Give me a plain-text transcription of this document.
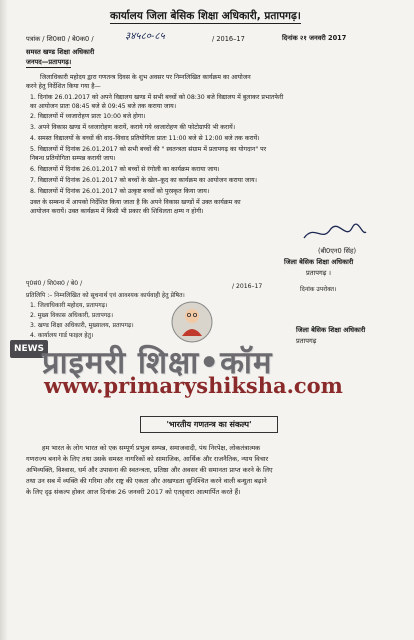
कार्यालय जिला बेसिक शिक्षा अधिकारी, प्रतापगढ़।
पत्रांक / शि0स0 / बे0क0 /	३४५८०-८५	/ 2016–17	दिनांक २१ जनवरी 2017
समस्त खण्ड शिक्षा अधिकारी
जनपद—प्रतापगढ़।
जिलाधिकारी महोदय द्वारा गणतन्त्र दिवस के शुभ अवसर पर निम्नलिखित कार्यक्रम का आयोजन
करने हेतु निर्देशित किया गया है—
1. दिनांक 26.01.2017 को अपने विद्यालय खण्ड में सभी बच्चों को 08:30 बजे विद्यालय में बुलाकर प्रभातफेरी
का आयोजन प्रातः 08:45 बजे से 09:45 बजे तक कराया जाय।
2. विद्यालयों में ध्वजारोहण प्रातः 10:00 बजे होगा।
3. अपने विकास खण्ड में ध्वजारोहण करायें, कराये गये ध्वजारोहण की फोटोग्राफी भी करायें।
4. समस्त विद्यालयों के बच्चों की वाद–विवाद प्रतियोगिता प्रातः 11:00 बजे से 12:00 बजे तक करायें।
5. विद्यालयों में दिनांक 26.01.2017 को सभी बच्चों की " स्वतन्त्रता संग्राम में प्रतापगढ़ का योगदान" पर
निबन्ध प्रतियोगिता सम्पन्न करायी जाय।
6. विद्यालयों में दिनांक 26.01.2017 को बच्चों से रंगोली का कार्यक्रम कराया जाय।
7. विद्यालयों में दिनांक 26.01.2017 को बच्चों के खेल–कूद का कार्यक्रम का आयोजन कराया जाय।
8. विद्यालयों में दिनांक 26.01.2017 को उत्कृष्ट बच्चों को पुरस्कृत किया जाय।
उक्त के सम्बन्ध में आपको निर्देशित किया जाता है कि अपने विकास खण्डों में उक्त कार्यक्रम का
आयोजन करायें। उक्त कार्यक्रम में किसी भी प्रकार की शिथिलता क्षम्य न होगी।
(बी0एन0 सिंह)
जिला बेसिक शिक्षा अधिकारी
प्रतापगढ़ ।
पृ0सं0 / शि0स0 / बे0 /	/ 2016–17	दिनांक उपरोक्त।
प्रतिलिपि :– निम्नलिखित को सूचनार्थ एवं आवश्यक कार्यवाही हेतु प्रेषित।
1. जिलाधिकारी महोदय, प्रतापगढ़।
2. मुख्य विकास अधिकारी, प्रतापगढ़।
3. खण्ड शिक्षा अधिकारी, मुख्यालय, प्रतापगढ़।
4. कार्यालय गार्ड फाइल हेतु।
जिला बेसिक शिक्षा अधिकारी
प्रतापगढ़
NEWS
प्राइमरी शिक्षा•कॉम
www.primaryshiksha.com
'भारतीय गणतन्त्र का संकल्प'
हम भारत के लोग भारत को एक सम्पूर्ण प्रभुत्व सम्पन्न, समाजवादी, पंथ निरपेक्ष, लोकतंत्रात्मक
गणराज्य बनाने के लिए तथा उसके समस्त नागरिकों को सामाजिक, आर्थिक और राजनैतिक, न्याय विचार
अभिव्यक्ति, विश्वास, धर्म और उपासना की स्वतन्त्रता, प्रतिष्ठा और अवसर की समानता प्राप्त करने के लिए
तथा उन सब में व्यक्ति की गरिमा और राष्ट्र की एकता और अखण्डता सुनिश्चित करने वाली बन्धुता बढ़ाने
के लिए दृढ़ संकल्प होकर आज दिनांक 26 जनवरी 2017 को एतद्द्वारा आत्मार्पित करते हैं।
